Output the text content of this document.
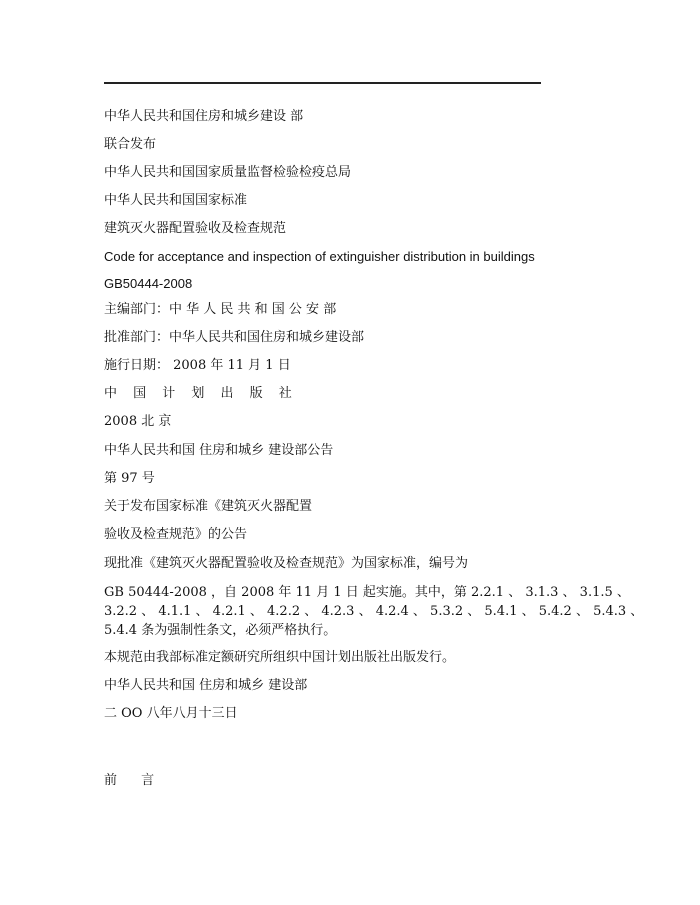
中华人民共和国住房和城乡建设 部
联合发布
中华人民共和国国家质量监督检验检疫总局
中华人民共和国国家标准
建筑灭火器配置验收及检查规范
Code for acceptance and inspection of extinguisher distribution in buildings
GB50444-2008
主编部门：中 华 人 民 共 和 国 公 安 部
批准部门：中华人民共和国住房和城乡建设部
施行日期： 2008 年 11 月 1 日
中 国 计 划 出 版 社
2008 北 京
中华人民共和国 住房和城乡 建设部公告
第 97 号
关于发布国家标准《建筑灭火器配置
验收及检查规范》的公告
现批准《建筑灭火器配置验收及检查规范》为国家标准，编号为
GB 50444-2008 ，自 2008 年 11 月 1 日 起实施。其中，第 2.2.1 、 3.1.3 、 3.1.5 、
3.2.2 、 4.1.1 、 4.2.1 、 4.2.2 、 4.2.3 、 4.2.4 、 5.3.2 、 5.4.1 、 5.4.2 、 5.4.3 、
5.4.4 条为强制性条文，必须严格执行。
本规范由我部标准定额研究所组织中国计划出版社出版发行。
中华人民共和国 住房和城乡 建设部
二 OO 八年八月十三日
前 言
